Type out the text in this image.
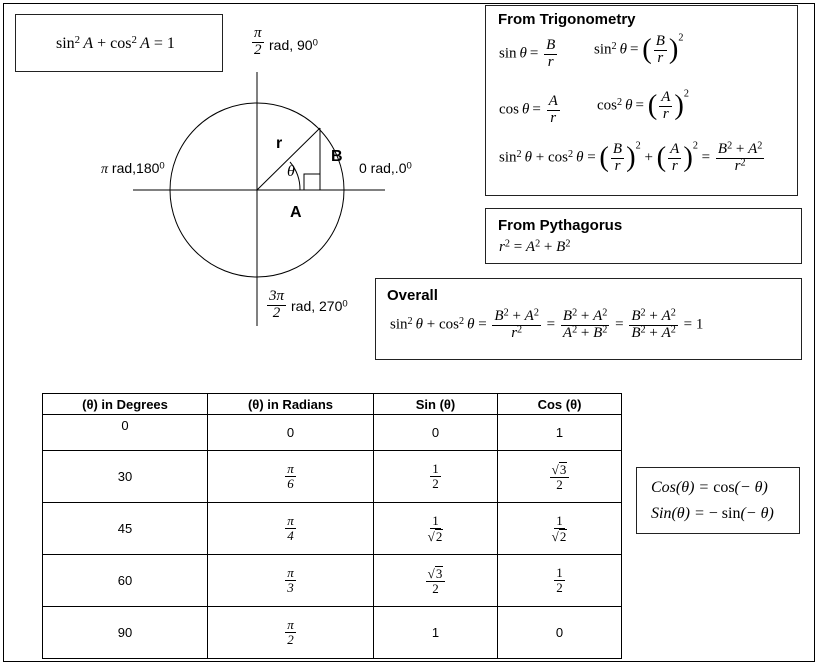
$\sin^2 A + \cos^2 A = 1$	$\frac{\pi}{2}$ rad, $90^0$
π rad,180$^0$	0 $rad,.0^0$
$\frac{3\pi}{2}$ rad, $270^0$
r
θ
B
A
From Trigonometry
$\sin \theta = \frac{B}{r} \sin^2 \theta$  = ( $\frac{B}{r} )^2$
$\cos \theta = \frac{A}{r} \cos^2 \theta$  = ( $\frac{A}{r} )^2$
$\sin^2 \theta + \cos^2 \theta$ = ( $\frac{B}{r} )^2$ + ( $\frac{A}{r} )^2 = \frac{B^2 + A^2}{r^2}$
From Pythagorus
$r^2 = A^2 + B^2$
Overall
$\sin^2 \theta + \cos^2 \theta = \frac{B^2 + A^2}{r^2} = \frac{B^2 + A^2}{A^2 + B^2} = \frac{B^2 + A^2}{B^2 + A^2} = 1$
(θ) in Degrees	(θ) in Radians	Sin (θ)	Cos (θ)
0	0	0	1
30	$\frac{\pi}{6}$	$\frac{1}{2}$	$\frac{√3}{2}$

45	$\frac{\pi}{4}$	$\frac{1}{√2}$	$\frac{1}{√2}$

60	$\frac{\pi}{3}$	$\frac{√3}{2}$	$\frac{1}{2}$

90	$\frac{\pi}{2}$	1	0
Cos(θ) = cos(− θ)
Sin(θ) = − sin(− θ)
